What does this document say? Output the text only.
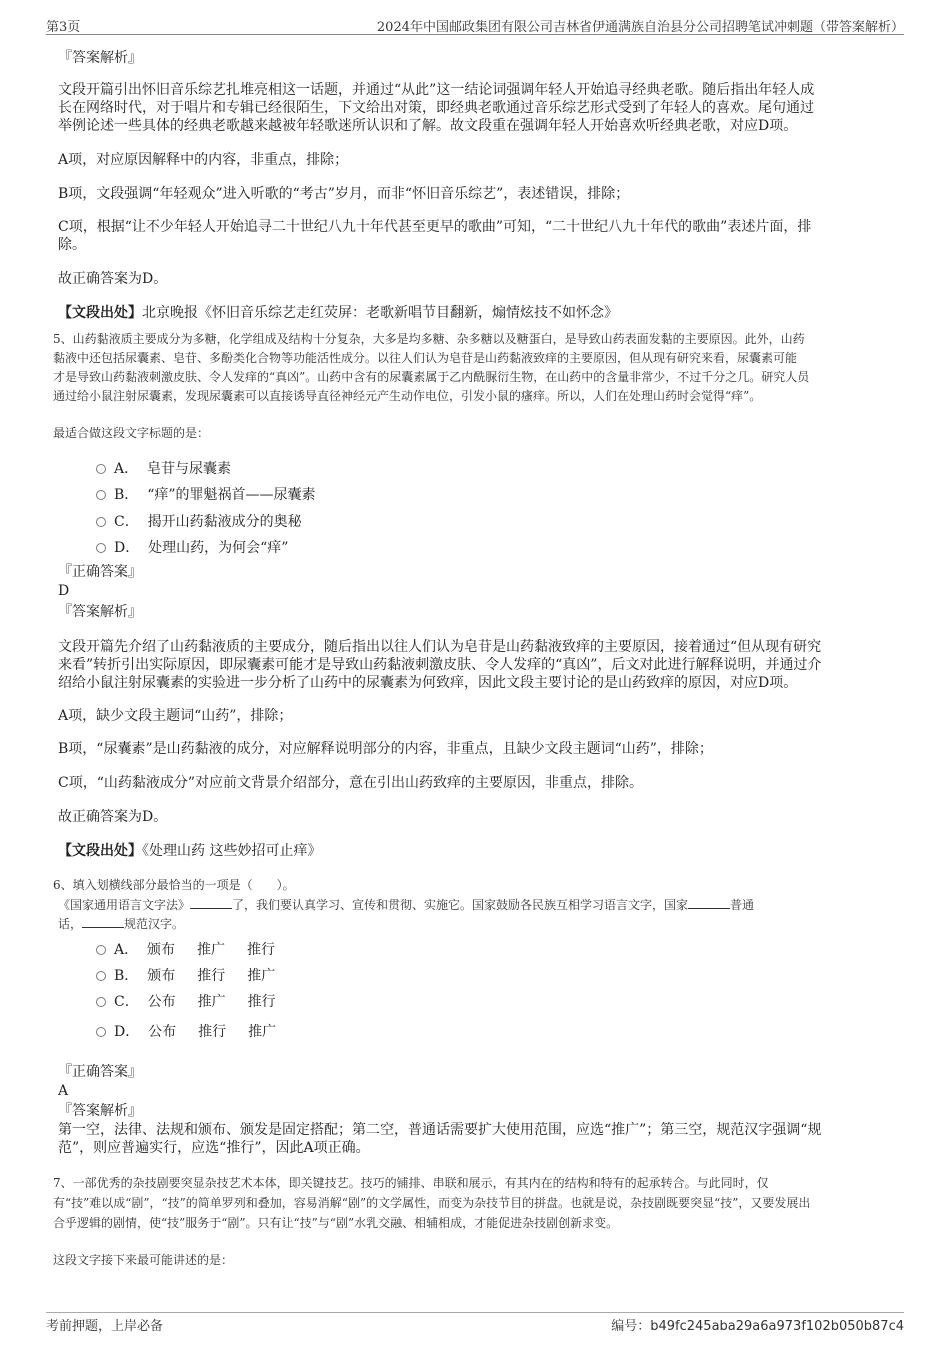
第3页	2024年中国邮政集团有限公司吉林省伊通满族自治县分公司招聘笔试冲刺题（带答案解析）
『答案解析』
文段开篇引出怀旧音乐综艺扎堆亮相这一话题，并通过“从此”这一结论词强调年轻人开始追寻经典老歌。随后指出年轻人成
长在网络时代，对于唱片和专辑已经很陌生，下文给出对策，即经典老歌通过音乐综艺形式受到了年轻人的喜欢。尾句通过
举例论述一些具体的经典老歌越来越被年轻歌迷所认识和了解。故文段重在强调年轻人开始喜欢听经典老歌，对应D项。
A项，对应原因解释中的内容，非重点，排除；
B项，文段强调“年轻观众”进入听歌的“考古”岁月，而非“怀旧音乐综艺”，表述错误，排除；
C项，根据“让不少年轻人开始追寻二十世纪八九十年代甚至更早的歌曲”可知，“二十世纪八九十年代的歌曲”表述片面，排
除。
故正确答案为D。
【文段出处】北京晚报《怀旧音乐综艺走红荧屏：老歌新唱节目翻新，煽情炫技不如怀念》
5、山药黏液质主要成分为多糖，化学组成及结构十分复杂，大多是均多糖、杂多糖以及糖蛋白，是导致山药表面发黏的主要原因。此外，山药
黏液中还包括尿囊素、皂苷、多酚类化合物等功能活性成分。以往人们认为皂苷是山药黏液致痒的主要原因，但从现有研究来看，尿囊素可能
才是导致山药黏液刺激皮肤、令人发痒的“真凶”。山药中含有的尿囊素属于乙内酰脲衍生物，在山药中的含量非常少，不过千分之几。研究人员
通过给小鼠注射尿囊素，发现尿囊素可以直接诱导直径神经元产生动作电位，引发小鼠的瘙痒。所以，人们在处理山药时会觉得“痒”。
最适合做这段文字标题的是：
A． 皂苷与尿囊素
B． “痒”的罪魁祸首——尿囊素
C． 揭开山药黏液成分的奥秘
D． 处理山药，为何会“痒”
『正确答案』
D
『答案解析』
文段开篇先介绍了山药黏液质的主要成分，随后指出以往人们认为皂苷是山药黏液致痒的主要原因，接着通过“但从现有研究
来看”转折引出实际原因，即尿囊素可能才是导致山药黏液刺激皮肤、令人发痒的“真凶”，后文对此进行解释说明，并通过介
绍给小鼠注射尿囊素的实验进一步分析了山药中的尿囊素为何致痒，因此文段主要讨论的是山药致痒的原因，对应D项。
A项，缺少文段主题词“山药”，排除；
B项，“尿囊素”是山药黏液的成分，对应解释说明部分的内容，非重点，且缺少文段主题词“山药”，排除；
C项，“山药黏液成分”对应前文背景介绍部分，意在引出山药致痒的主要原因，非重点，排除。
故正确答案为D。
【文段出处】《处理山药 这些妙招可止痒》
6、填入划横线部分最恰当的一项是（　　）。
《国家通用语言文字法》	了，我们要认真学习、宣传和贯彻、实施它。国家鼓励各民族互相学习语言文字，国家	普通
话，	规范汉字。
A． 颁布 推广 推行
B． 颁布 推行 推广
C． 公布 推广 推行
D． 公布 推行 推广
『正确答案』
A
『答案解析』
第一空，法律、法规和颁布、颁发是固定搭配；第二空，普通话需要扩大使用范围，应选“推广”；第三空，规范汉字强调“规
范”，则应普遍实行，应选“推行”，因此A项正确。
7、一部优秀的杂技剧要突显杂技艺术本体，即关键技艺。技巧的铺排、串联和展示，有其内在的结构和特有的起承转合。与此同时，仅
有“技”难以成“剧”，“技”的简单罗列和叠加，容易消解“剧”的文学属性，而变为杂技节目的拼盘。也就是说，杂技剧既要突显“技”，又要发展出
合乎逻辑的剧情，使“技”服务于“剧”。只有让“技”与“剧”水乳交融、相辅相成，才能促进杂技剧创新求变。
这段文字接下来最可能讲述的是：
考前押题，上岸必备	编号：b49fc245aba29a6a973f102b050b87c4
